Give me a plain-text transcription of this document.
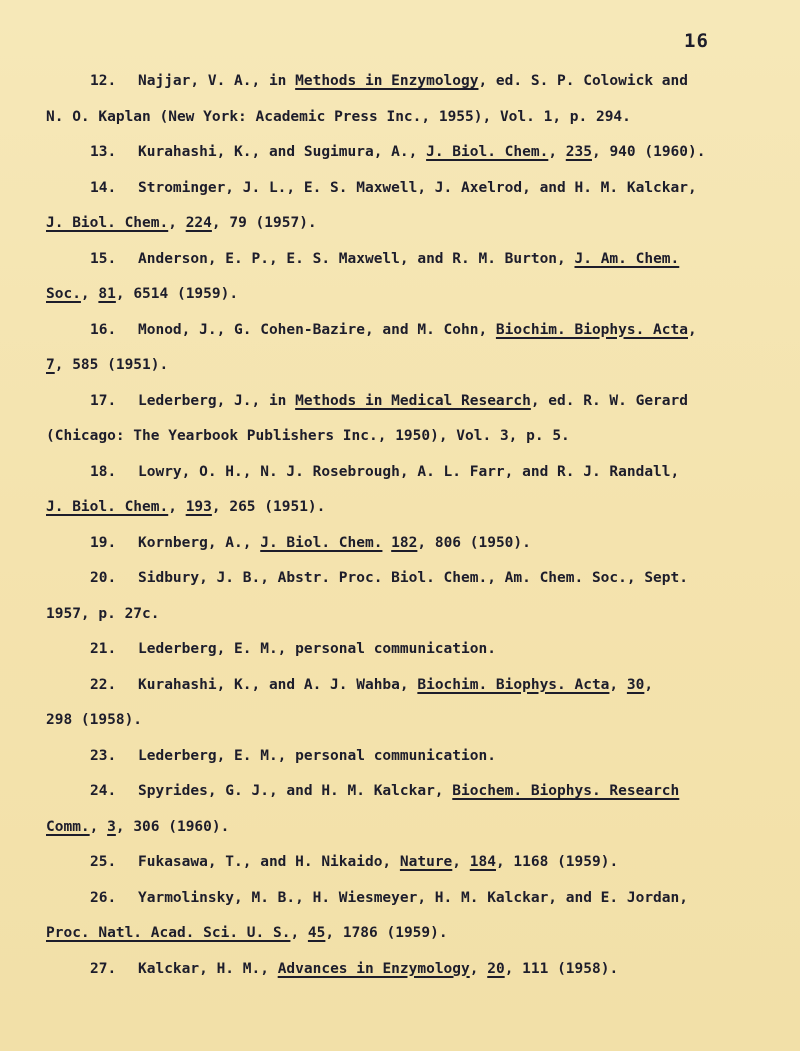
16
12. Najjar, V. A., in Methods in Enzymology, ed. S. P. Colowick and
N. O. Kaplan (New York: Academic Press Inc., 1955), Vol. 1, p. 294.
13. Kurahashi, K., and Sugimura, A., J. Biol. Chem., 235, 940 (1960).
14. Strominger, J. L., E. S. Maxwell, J. Axelrod, and H. M. Kalckar,
J. Biol. Chem., 224, 79 (1957).
15. Anderson, E. P., E. S. Maxwell, and R. M. Burton, J. Am. Chem.
Soc., 81, 6514 (1959).
16. Monod, J., G. Cohen-Bazire, and M. Cohn, Biochim. Biophys. Acta,
7, 585 (1951).
17. Lederberg, J., in Methods in Medical Research, ed. R. W. Gerard
(Chicago: The Yearbook Publishers Inc., 1950), Vol. 3, p. 5.
18. Lowry, O. H., N. J. Rosebrough, A. L. Farr, and R. J. Randall,
J. Biol. Chem., 193, 265 (1951).
19. Kornberg, A., J. Biol. Chem. 182, 806 (1950).
20. Sidbury, J. B., Abstr. Proc. Biol. Chem., Am. Chem. Soc., Sept.
1957, p. 27c.
21. Lederberg, E. M., personal communication.
22. Kurahashi, K., and A. J. Wahba, Biochim. Biophys. Acta, 30,
298 (1958).
23. Lederberg, E. M., personal communication.
24. Spyrides, G. J., and H. M. Kalckar, Biochem. Biophys. Research
Comm., 3, 306 (1960).
25. Fukasawa, T., and H. Nikaido, Nature, 184, 1168 (1959).
26. Yarmolinsky, M. B., H. Wiesmeyer, H. M. Kalckar, and E. Jordan,
Proc. Natl. Acad. Sci. U. S., 45, 1786 (1959).
27. Kalckar, H. M., Advances in Enzymology, 20, 111 (1958).
